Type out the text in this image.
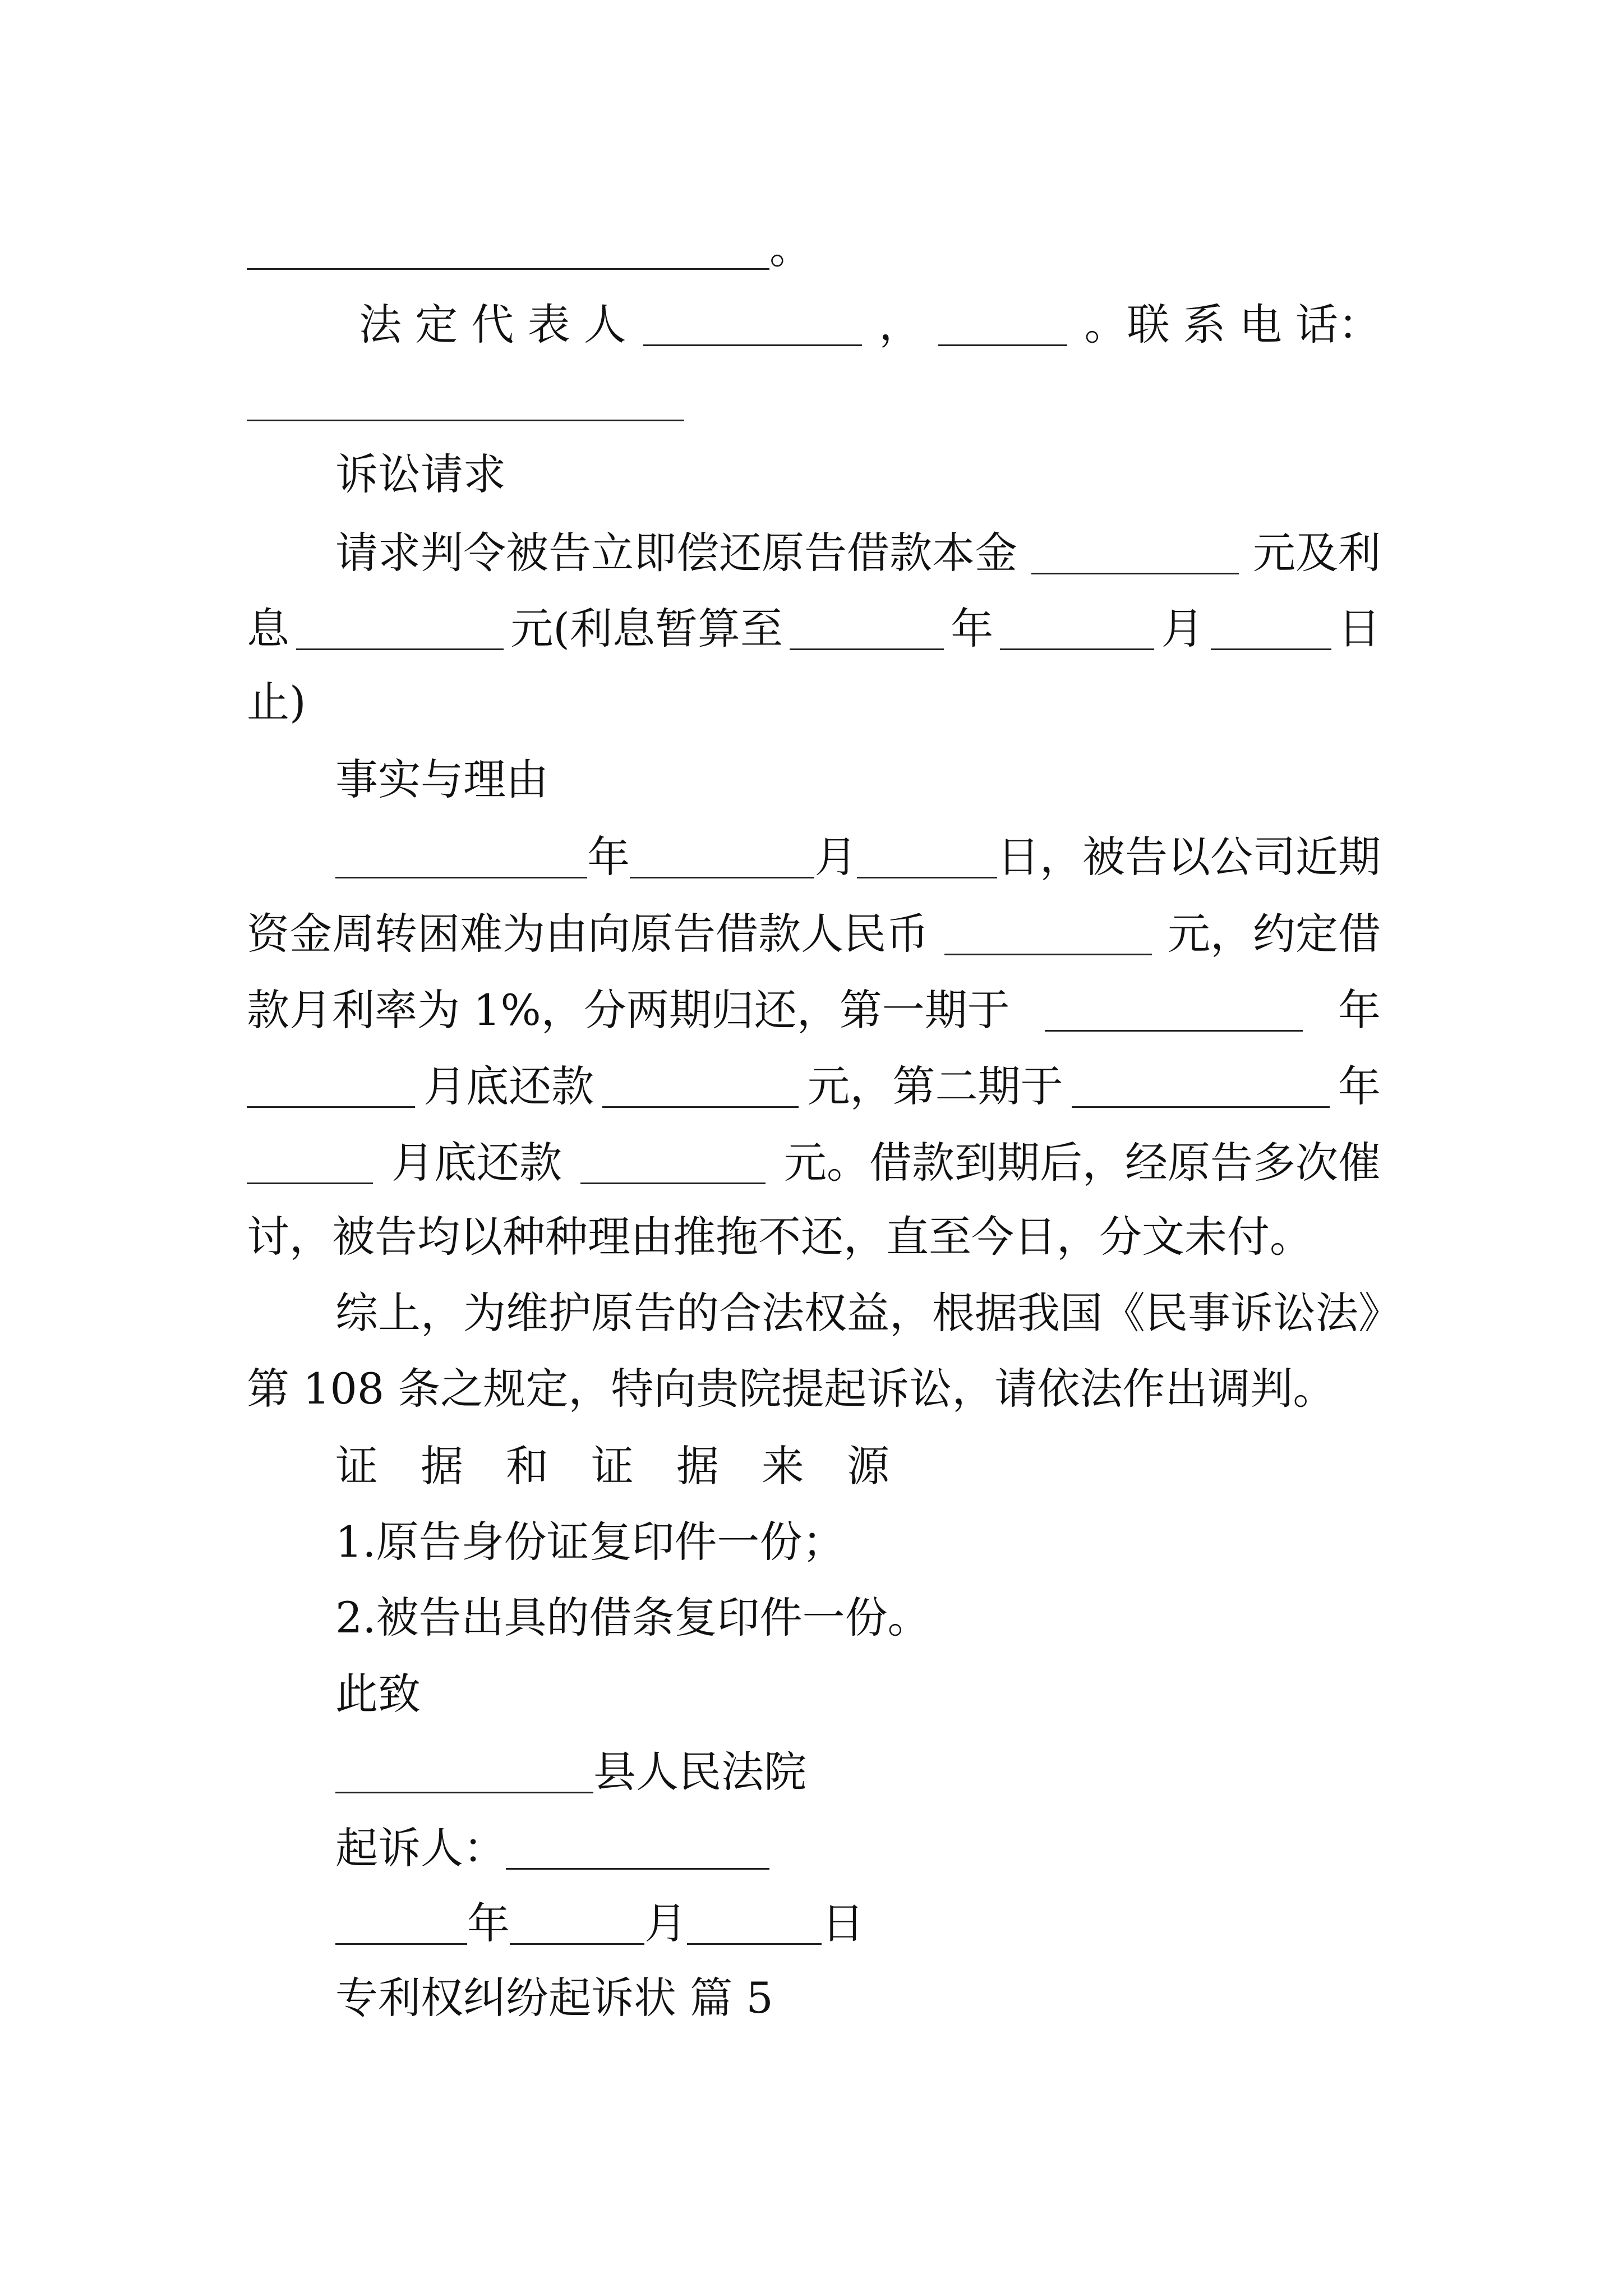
。
法 定 代 表 人	，	。联 系 电 话：
诉讼请求
请求判令被告立即偿还原告借款本金	元及利
息	元(利息暂算至	年	月	日
止)
事实与理由
年	月	日，被告以公司近期
资金周转困难为由向原告借款人民币	元，约定借
款月利率为 1%，分两期归还，第一期于	年
月底还款	元，第二期于	年
月底还款	元。借款到期后，经原告多次催
讨，被告均以种种理由推拖不还，直至今日，分文未付。
综上，为维护原告的合法权益，根据我国《民事诉讼法》
第 108 条之规定，特向贵院提起诉讼，请依法作出调判。
证　据　和　证　据　来　源
1.原告身份证复印件一份；
2.被告出具的借条复印件一份。
此致
县人民法院
起诉人：
年	月	日
专利权纠纷起诉状 篇 5
